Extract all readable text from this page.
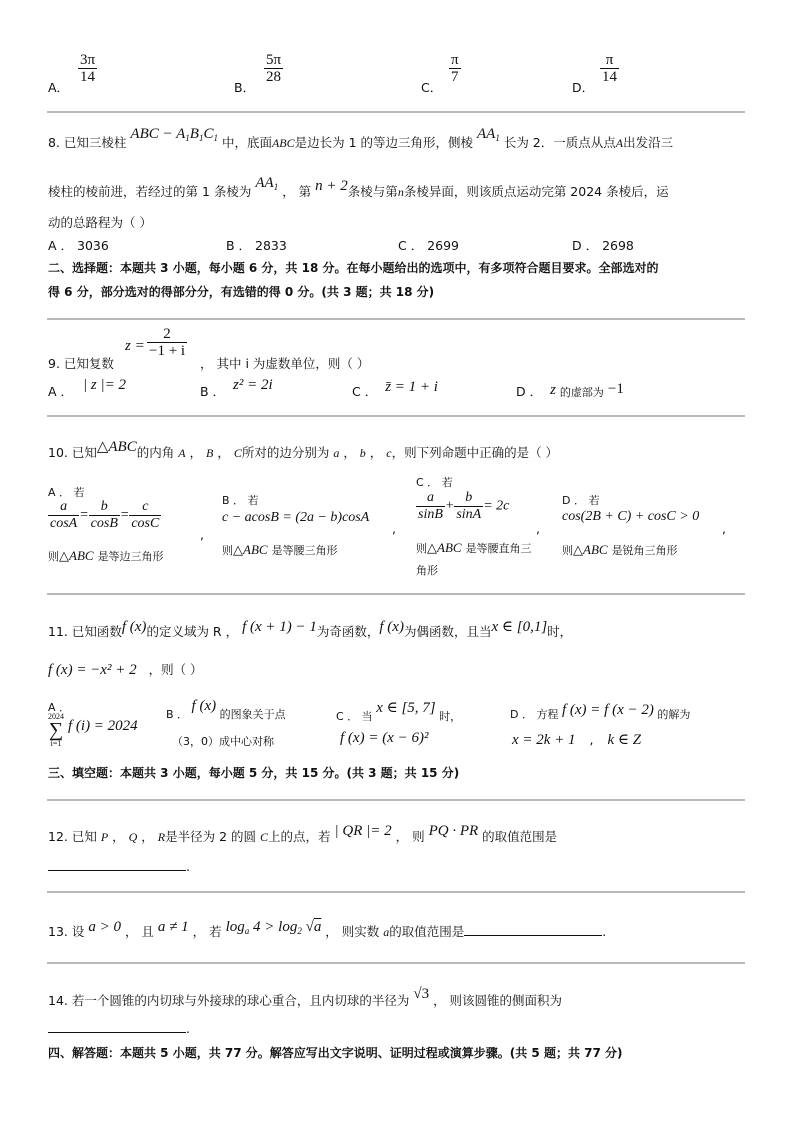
A．
$\frac{3\pi}{14}$
B．
$\frac{5\pi}{28}$
C．
$\frac{\pi}{7}$
D．
$\frac{\pi}{14}$
8. 已知三棱柱 ABC − $A_1B_1C_1$ 中，底面ABC是边长为 1 的等边三角形，侧棱 $AA_1$ 长为 2．一质点从点A出发沿三
棱柱的棱前进，若经过的第 1 条棱为 $AA_1$ ， 第 n + 2条棱与第n条棱异面，则该质点运动完第 2024 条棱后，运
动的总路程为（ ）
A ． 3036	B ． 2833	C ． 2699	D ． 2698
二、选择题：本题共 3 小题，每小题 6 分，共 18 分。在每小题给出的选项中，有多项符合题目要求。全部选对的
得 6 分，部分选对的得部分分，有选错的得 0 分。(共 3 题；共 18 分)
9. 已知复数
$z = \frac{2}{-1 + i}$
， 其中 i 为虚数单位，则（ ）
A ． | z |= 2	B ． z² = 2i	C ． z̄ = 1 + i	D ． z 的虚部为 −1
10. 已知△ABC的内角 A ， B ， C所对的边分别为 a ， b ， c，则下列命题中正确的是（ ）
A ． 若
$\frac{a}{\cos A} = \frac{b}{\cos B} = \frac{c}{\cos C}$
,
则△ABC 是等边三角形
B ． 若
c − acosB = (2a − b)cosA
,
则△ABC 是等腰三角形
C ． 若
$\frac{a}{\sin B} + \frac{b}{\sin A} = 2c$
,
则△ABC 是等腰直角三
角形
D ． 若
cos(2B + C) + cosC > 0
,
则△ABC 是锐角三角形
11. 已知函数f (x)的定义域为 R ， f (x + 1) − 1为奇函数，f (x)为偶函数，且当x ∈ [0,1]时，
f (x) = −x² + 2 ，则（ ）
A ．
2024
∑
i=1 f (i) = 2024
B ． f (x) 的图象关于点
（3，0）成中心对称
C ． 当 x ∈ [5, 7] 时，
f (x) = (x − 6)²
D ． 方程 f (x) = f (x − 2) 的解为
x = 2k + 1 , k ∈ Z
三、填空题：本题共 3 小题，每小题 5 分，共 15 分。(共 3 题；共 15 分)
12. 已知 P ， Q ， R是半径为 2 的圆 C上的点，若 | QR |= 2 ， 则 PQ · PR 的取值范围是
.
13. 设 a > 0 ， 且 a ≠ 1 ， 若 $\log_a 4 > \log_2 √a$ ， 则实数 a的取值范围是	.
14. 若一个圆锥的内切球与外接球的球心重合，且内切球的半径为 √3 ， 则该圆锥的侧面积为
.
四、解答题：本题共 5 小题，共 77 分。解答应写出文字说明、证明过程或演算步骤。(共 5 题；共 77 分)
